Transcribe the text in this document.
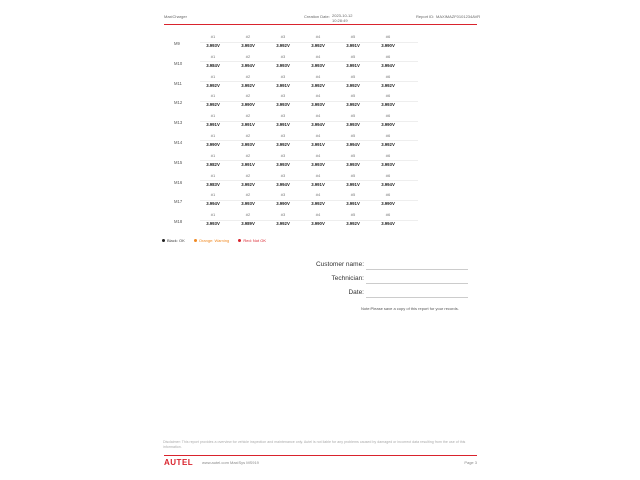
MaxiCharger	Creation Date: 2023-10-12
10:28:49
Report ID: MAXIMAZF0101234AVR
M9
#1
3.993V
#2
3.993V
#3
3.992V
#4
3.992V
#5
3.991V
#6
3.990V
M10
#1
3.984V
#2
3.994V
#3
3.993V
#4
3.993V
#5
3.991V
#6
3.994V
M11
#1
3.992V
#2
3.992V
#3
3.991V
#4
3.992V
#5
3.992V
#6
3.992V
M12
#1
3.992V
#2
3.990V
#3
3.993V
#4
3.993V
#5
3.992V
#6
3.993V
M13
#1
3.991V
#2
3.991V
#3
3.991V
#4
3.994V
#5
3.993V
#6
3.990V
M14
#1
3.990V
#2
3.993V
#3
3.992V
#4
3.991V
#5
3.994V
#6
3.992V
M15
#1
3.982V
#2
3.991V
#3
3.993V
#4
3.993V
#5
3.993V
#6
3.993V
M16
#1
3.983V
#2
3.992V
#3
3.994V
#4
3.991V
#5
3.991V
#6
3.994V
M17
#1
3.994V
#2
3.993V
#3
3.990V
#4
3.992V
#5
3.991V
#6
3.990V
M18
#1
3.993V
#2
3.989V
#3
3.992V
#4
3.990V
#5
3.992V
#6
3.994V
Black: OK	Orange: Warning	Red: Not OK
Customer name:
Technician:
Date:
Note:Please save a copy of this report for your records.
Disclaimer: This report provides a overview for vehicle inspection and maintenance only. Autel is not liable for any problems caused by damaged or incorrect data resulting from the use of this information.
AUTEL www.autel.com MaxiSys MS919	Page 3
